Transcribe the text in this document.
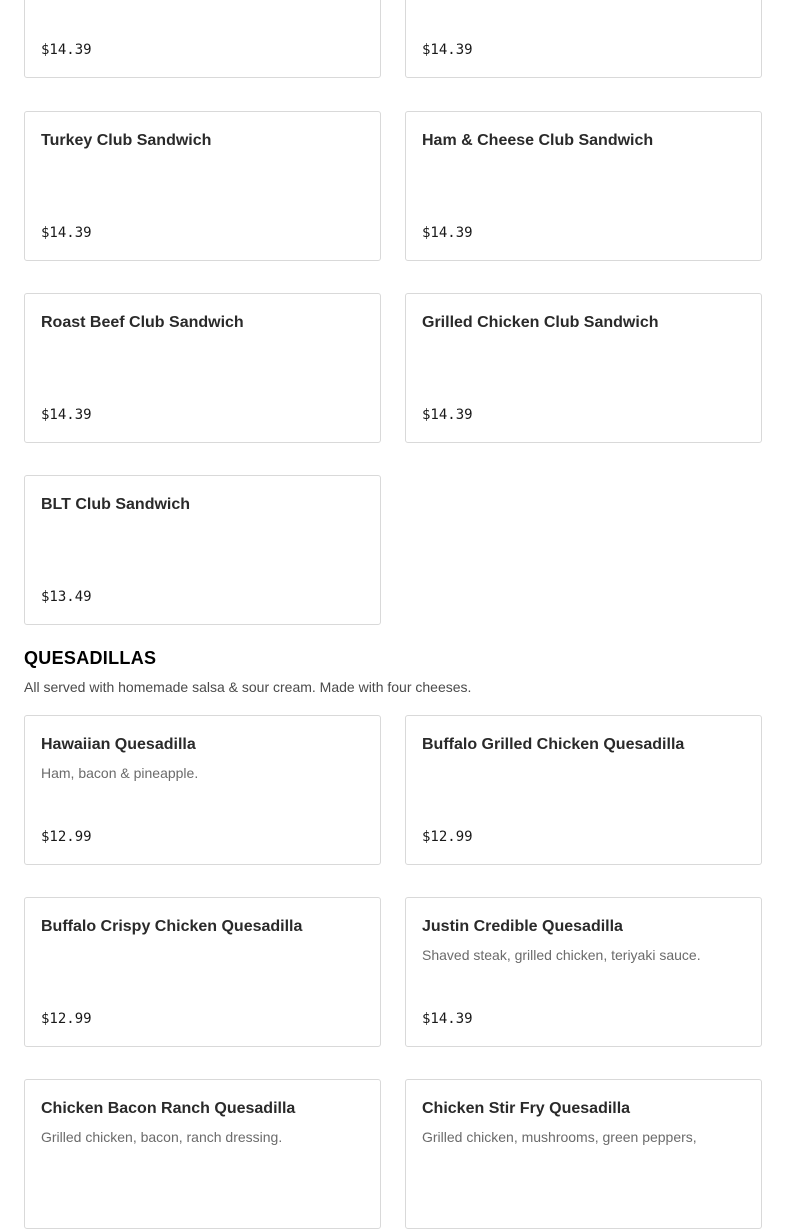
$14.39	$14.39
Turkey Club Sandwich
$14.39
Ham & Cheese Club Sandwich
$14.39
Roast Beef Club Sandwich
$14.39
Grilled Chicken Club Sandwich
$14.39
BLT Club Sandwich
$13.49
QUESADILLAS
All served with homemade salsa & sour cream. Made with four cheeses.
Hawaiian Quesadilla
Ham, bacon & pineapple.
$12.99
Buffalo Grilled Chicken Quesadilla
$12.99
Buffalo Crispy Chicken Quesadilla
$12.99
Justin Credible Quesadilla
Shaved steak, grilled chicken, teriyaki sauce.
$14.39
Chicken Bacon Ranch Quesadilla
Grilled chicken, bacon, ranch dressing.
Chicken Stir Fry Quesadilla
Grilled chicken, mushrooms, green peppers,
